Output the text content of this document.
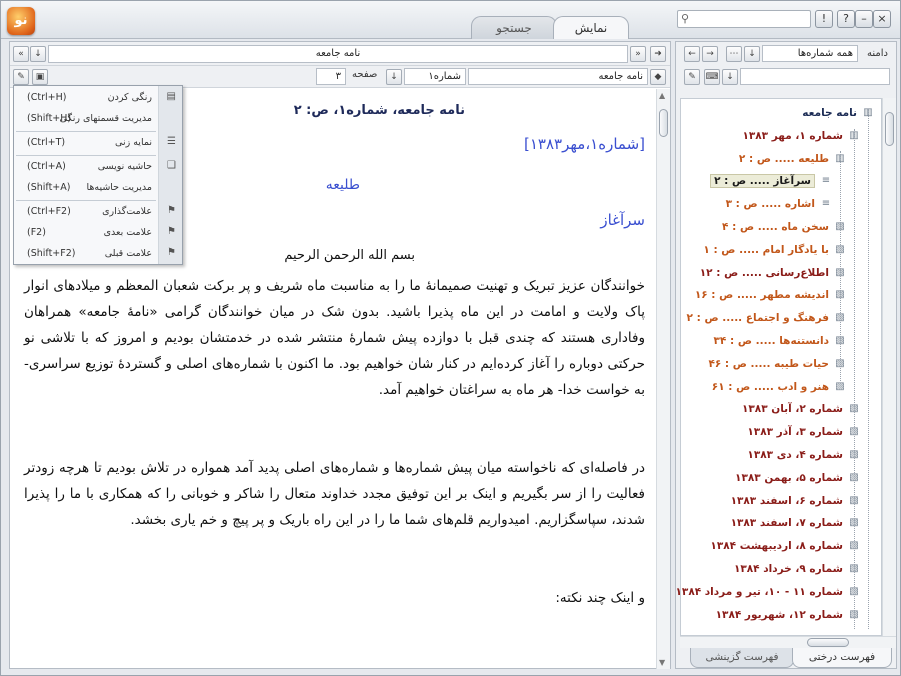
نو	جستجو	نمایش
⚲	!	?	– ×
«	↓	نامه جامعه	»	➜
✎	▣	۳	صفحه	↓	شماره۱	نامه جامعه	◆
نامه جامعه، شماره۱، ص: ۲
[شماره۱،مهر۱۳۸۳]
طلیعه
سرآغاز
بسم الله الرحمن الرحیم
خوانندگان عزیز تبریک و تهنیت صمیمانهٔ ما را به مناسبت ماه شریف و پر برکت شعبان المعظم و میلادهای انوار پاک ولایت و امامت در این ماه پذیرا باشید. بدون شک در میان خوانندگان گرامی «نامهٔ جامعه» همراهان وفاداری هستند که چندی قبل با دوازده پیش شمارهٔ منتشر شده در خدمتشان بودیم و امروز که با تلاشی نو حرکتی دوباره را آغاز کرده‌ایم در کنار شان خواهیم بود. ما اکنون با شماره‌های اصلی و گستردهٔ توزیع سراسری- به خواست خدا- هر ماه به سراغتان خواهیم آمد.
در فاصله‌ای که ناخواسته میان پیش شماره‌ها و شماره‌های اصلی پدید آمد همواره در تلاش بودیم تا هرچه زودتر فعالیت را از سر بگیریم و اینک بر این توفیق مجدد خداوند متعال را شاکر و خوبانی را که همکاری با ما را پذیرا شدند، سپاسگزاریم. امیدواریم قلم‌های شما ما را در این راه باریک و پر پیچ و خم یاری بخشد.
و اینک چند نکته:
▲
▼
(Ctrl+H)	رنگی کردن ▤
(Shift+H)
مدیریت قسمتهای رنگی
(Ctrl+T)	نمایه زنی ☰
(Ctrl+A)	حاشیه نویسی ❑
(Shift+A) مدیریت حاشیه‌ها
(Ctrl+F2)	علامت‌گذاری ⚑
(F2)	علامت بعدی ⚑
(Shift+F2)	علامت قبلی ⚑
دامنه
←	→	⋯	↓	همه شماره‌ها
✎	⌨ ↓
▥نامه جامعه
▥شماره ۱، مهر ۱۳۸۳
▥طلیعه ..... ص : ۲
≡سرآغاز ..... ص : ۲
≡اشاره ..... ص : ۳
▧سخن ماه ..... ص : ۴
▧با یادگار امام ..... ص : ۱
▧اطلاع‌رسانی ..... ص : ۱۲
▧اندیشه مطهر ..... ص : ۱۶
▧فرهنگ و اجتماع ..... ص : ۲
▧دانستنه‌ها ..... ص : ۳۴
▧حیات طیبه ..... ص : ۴۶
▧هنر و ادب ..... ص : ۶۱
▧شماره ۲، آبان ۱۳۸۳
▧شماره ۳، آذر ۱۳۸۳
▧شماره ۴، دی ۱۳۸۳
▧شماره ۵، بهمن ۱۳۸۳
▧شماره ۶، اسفند ۱۳۸۳
▧شماره ۷، اسفند ۱۳۸۳
▧شماره ۸، اردیبهشت ۱۳۸۴
▧شماره ۹، خرداد ۱۳۸۴
▧شماره ۱۱ - ۱۰، تیر و مرداد ۱۳۸۴
▧شماره ۱۲، شهریور ۱۳۸۴
فهرست گزینشی	فهرست درختی
